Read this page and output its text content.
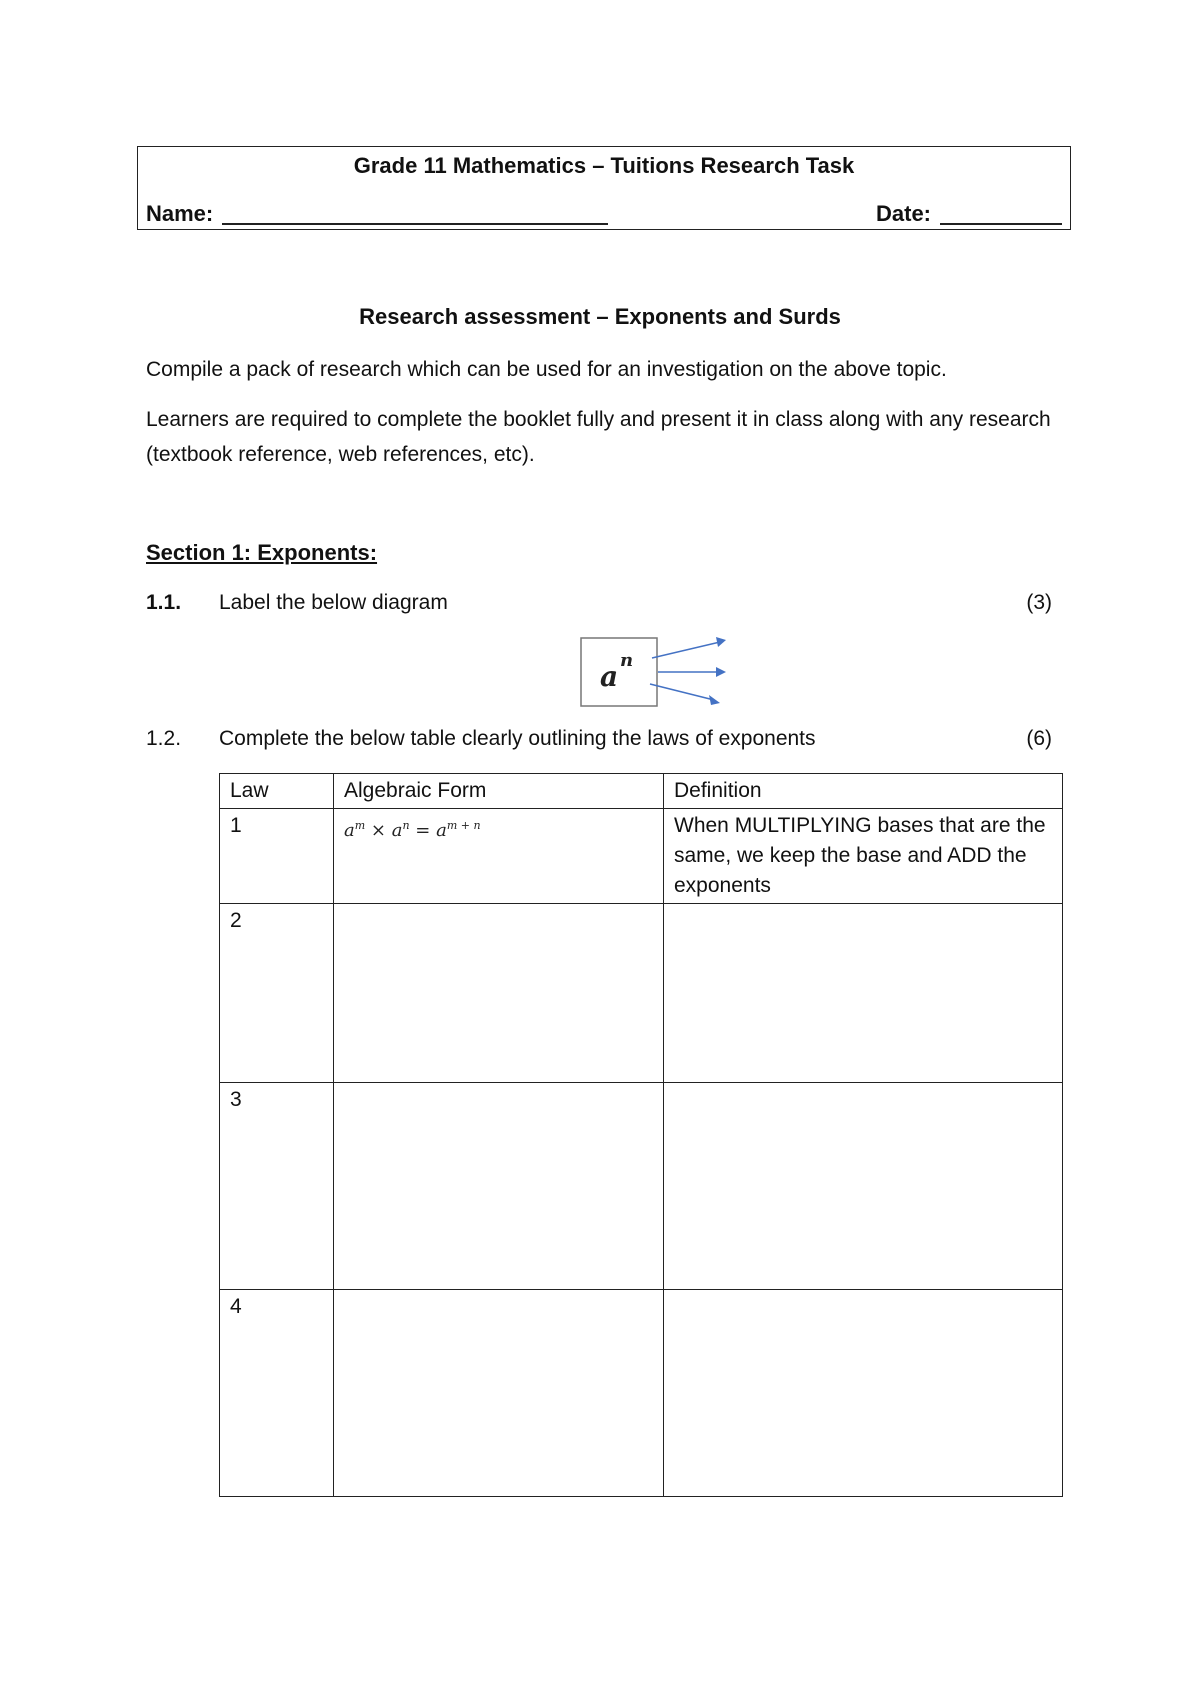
Grade 11 Mathematics – Tuitions Research Task
Name:	Date:
Research assessment – Exponents and Surds
Compile a pack of research which can be used for an investigation on the above topic.
Learners are required to complete the booklet fully and present it in class along with any research (textbook reference, web references, etc).
Section 1: Exponents:
1.1. Label the below diagram	(3)
a n
1.2. Complete the below table clearly outlining the laws of exponents	(6)
Law	Algebraic Form	Definition
1	$a^m \times a^n = a^{m + n}$	When MULTIPLYING bases that are the same, we keep the base and ADD the exponents
2		
3		
4		
